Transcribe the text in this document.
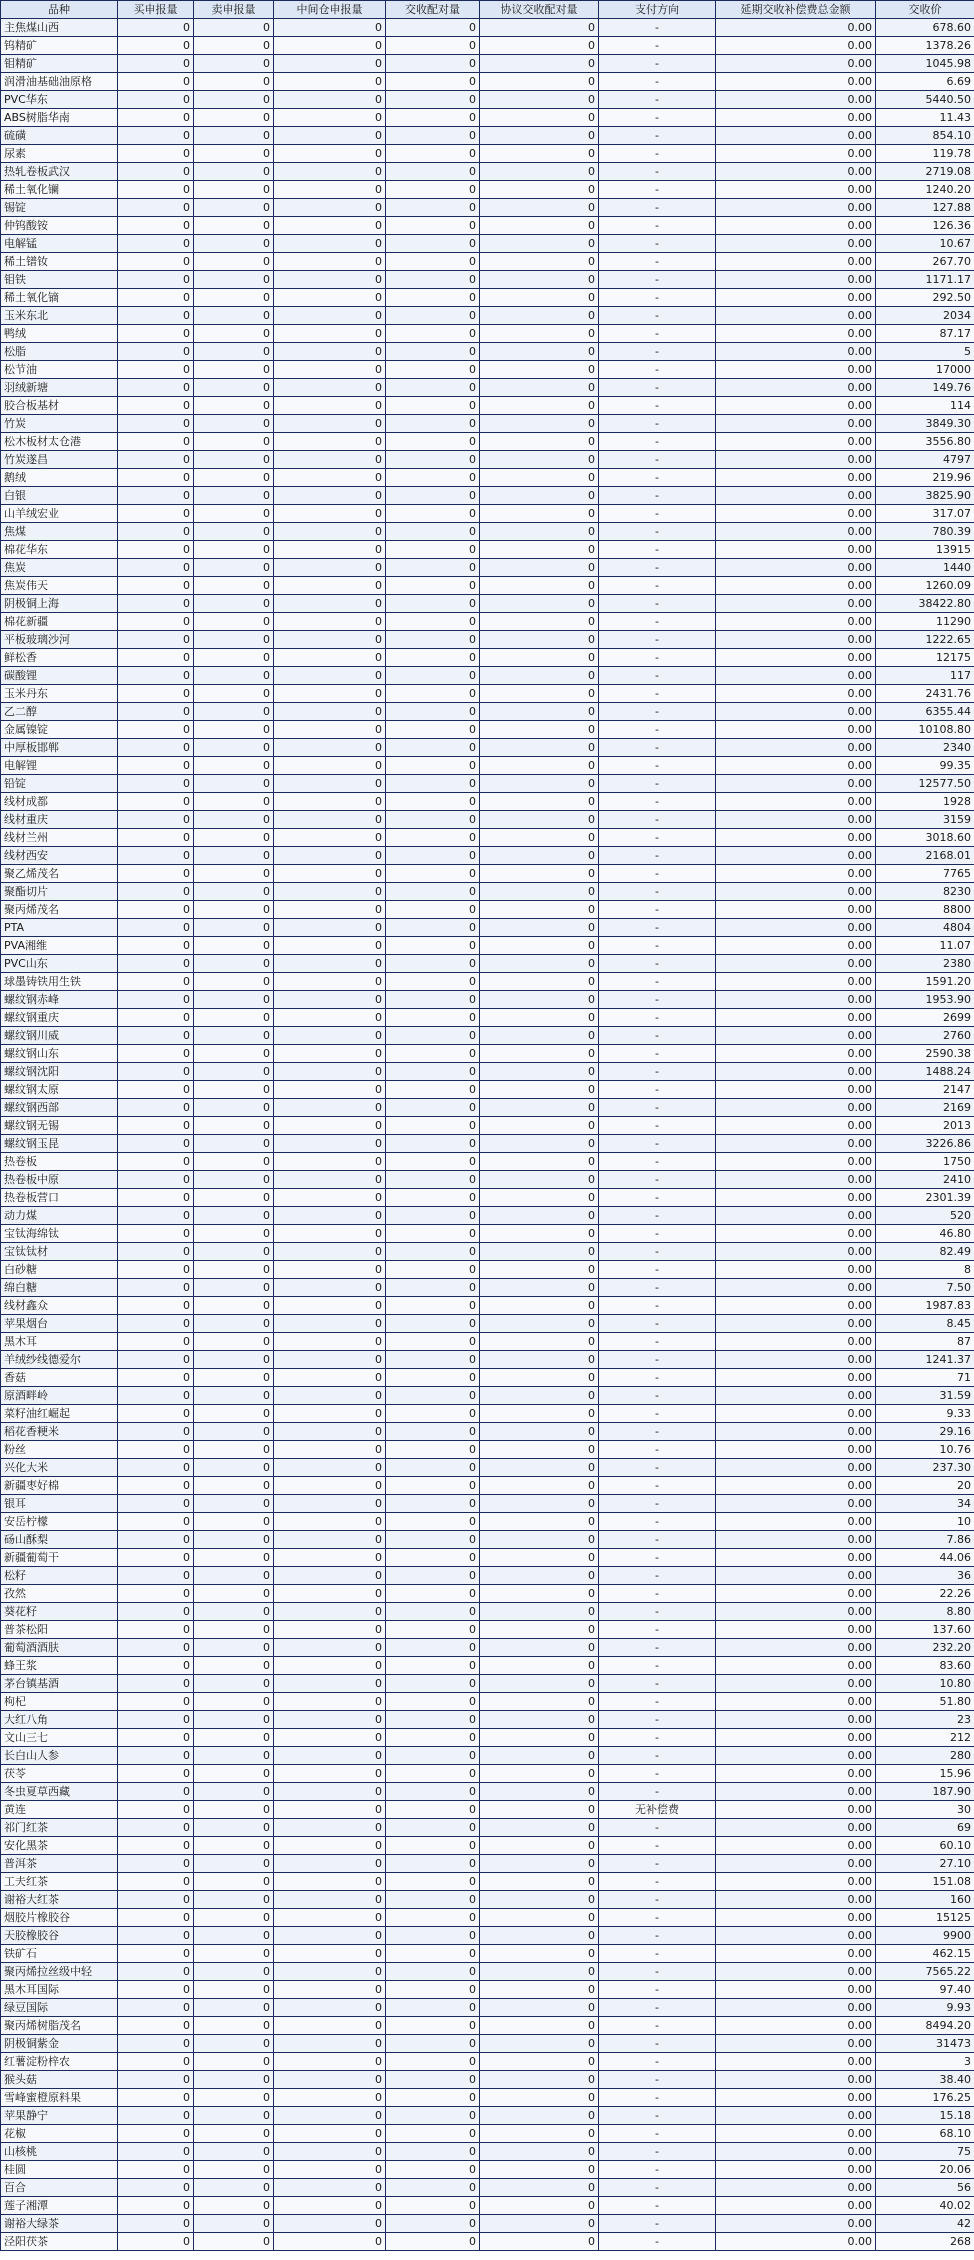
品种	买申报量	卖申报量	中间仓申报量	交收配对量	协议交收配对量	支付方向	延期交收补偿费总金额	交收价
主焦煤山西	0	0	0	0	0	-	0.00	678.60
钨精矿	0	0	0	0	0	-	0.00	1378.26
钼精矿	0	0	0	0	0	-	0.00	1045.98
润滑油基础油原格	0	0	0	0	0	-	0.00	6.69
PVC华东	0	0	0	0	0	-	0.00	5440.50
ABS树脂华南	0	0	0	0	0	-	0.00	11.43
硫磺	0	0	0	0	0	-	0.00	854.10
尿素	0	0	0	0	0	-	0.00	119.78
热轧卷板武汉	0	0	0	0	0	-	0.00	2719.08
稀土氧化镧	0	0	0	0	0	-	0.00	1240.20
锡锭	0	0	0	0	0	-	0.00	127.88
仲钨酸铵	0	0	0	0	0	-	0.00	126.36
电解锰	0	0	0	0	0	-	0.00	10.67
稀土镨钕	0	0	0	0	0	-	0.00	267.70
钼铁	0	0	0	0	0	-	0.00	1171.17
稀土氧化镝	0	0	0	0	0	-	0.00	292.50
玉米东北	0	0	0	0	0	-	0.00	2034
鸭绒	0	0	0	0	0	-	0.00	87.17
松脂	0	0	0	0	0	-	0.00	5
松节油	0	0	0	0	0	-	0.00	17000
羽绒新塘	0	0	0	0	0	-	0.00	149.76
胶合板基材	0	0	0	0	0	-	0.00	114
竹炭	0	0	0	0	0	-	0.00	3849.30
松木板材太仓港	0	0	0	0	0	-	0.00	3556.80
竹炭遂昌	0	0	0	0	0	-	0.00	4797
鹅绒	0	0	0	0	0	-	0.00	219.96
白银	0	0	0	0	0	-	0.00	3825.90
山羊绒宏业	0	0	0	0	0	-	0.00	317.07
焦煤	0	0	0	0	0	-	0.00	780.39
棉花华东	0	0	0	0	0	-	0.00	13915
焦炭	0	0	0	0	0	-	0.00	1440
焦炭伟天	0	0	0	0	0	-	0.00	1260.09
阴极铜上海	0	0	0	0	0	-	0.00	38422.80
棉花新疆	0	0	0	0	0	-	0.00	11290
平板玻璃沙河	0	0	0	0	0	-	0.00	1222.65
鲜松香	0	0	0	0	0	-	0.00	12175
碳酸锂	0	0	0	0	0	-	0.00	117
玉米丹东	0	0	0	0	0	-	0.00	2431.76
乙二醇	0	0	0	0	0	-	0.00	6355.44
金属镍锭	0	0	0	0	0	-	0.00	10108.80
中厚板邯郸	0	0	0	0	0	-	0.00	2340
电解锂	0	0	0	0	0	-	0.00	99.35
铅锭	0	0	0	0	0	-	0.00	12577.50
线材成都	0	0	0	0	0	-	0.00	1928
线材重庆	0	0	0	0	0	-	0.00	3159
线材兰州	0	0	0	0	0	-	0.00	3018.60
线材西安	0	0	0	0	0	-	0.00	2168.01
聚乙烯茂名	0	0	0	0	0	-	0.00	7765
聚酯切片	0	0	0	0	0	-	0.00	8230
聚丙烯茂名	0	0	0	0	0	-	0.00	8800
PTA	0	0	0	0	0	-	0.00	4804
PVA湘维	0	0	0	0	0	-	0.00	11.07
PVC山东	0	0	0	0	0	-	0.00	2380
球墨铸铁用生铁	0	0	0	0	0	-	0.00	1591.20
螺纹钢赤峰	0	0	0	0	0	-	0.00	1953.90
螺纹钢重庆	0	0	0	0	0	-	0.00	2699
螺纹钢川威	0	0	0	0	0	-	0.00	2760
螺纹钢山东	0	0	0	0	0	-	0.00	2590.38
螺纹钢沈阳	0	0	0	0	0	-	0.00	1488.24
螺纹钢太原	0	0	0	0	0	-	0.00	2147
螺纹钢西部	0	0	0	0	0	-	0.00	2169
螺纹钢无锡	0	0	0	0	0	-	0.00	2013
螺纹钢玉昆	0	0	0	0	0	-	0.00	3226.86
热卷板	0	0	0	0	0	-	0.00	1750
热卷板中原	0	0	0	0	0	-	0.00	2410
热卷板营口	0	0	0	0	0	-	0.00	2301.39
动力煤	0	0	0	0	0	-	0.00	520
宝钛海绵钛	0	0	0	0	0	-	0.00	46.80
宝钛钛材	0	0	0	0	0	-	0.00	82.49
白砂糖	0	0	0	0	0	-	0.00	8
绵白糖	0	0	0	0	0	-	0.00	7.50
线材鑫众	0	0	0	0	0	-	0.00	1987.83
苹果烟台	0	0	0	0	0	-	0.00	8.45
黑木耳	0	0	0	0	0	-	0.00	87
羊绒纱线德爱尔	0	0	0	0	0	-	0.00	1241.37
香菇	0	0	0	0	0	-	0.00	71
原酒畔岭	0	0	0	0	0	-	0.00	31.59
菜籽油红崛起	0	0	0	0	0	-	0.00	9.33
稻花香粳米	0	0	0	0	0	-	0.00	29.16
粉丝	0	0	0	0	0	-	0.00	10.76
兴化大米	0	0	0	0	0	-	0.00	237.30
新疆枣好棉	0	0	0	0	0	-	0.00	20
银耳	0	0	0	0	0	-	0.00	34
安岳柠檬	0	0	0	0	0	-	0.00	10
砀山酥梨	0	0	0	0	0	-	0.00	7.86
新疆葡萄干	0	0	0	0	0	-	0.00	44.06
松籽	0	0	0	0	0	-	0.00	36
孜然	0	0	0	0	0	-	0.00	22.26
葵花籽	0	0	0	0	0	-	0.00	8.80
普茶松阳	0	0	0	0	0	-	0.00	137.60
葡萄酒酒肤	0	0	0	0	0	-	0.00	232.20
蜂王浆	0	0	0	0	0	-	0.00	83.60
茅台镇基酒	0	0	0	0	0	-	0.00	10.80
枸杞	0	0	0	0	0	-	0.00	51.80
大红八角	0	0	0	0	0	-	0.00	23
文山三七	0	0	0	0	0	-	0.00	212
长白山人参	0	0	0	0	0	-	0.00	280
茯苓	0	0	0	0	0	-	0.00	15.96
冬虫夏草西藏	0	0	0	0	0	-	0.00	187.90
黄连	0	0	0	0	0	无补偿费	0.00	30
祁门红茶	0	0	0	0	0	-	0.00	69
安化黑茶	0	0	0	0	0	-	0.00	60.10
普洱茶	0	0	0	0	0	-	0.00	27.10
工夫红茶	0	0	0	0	0	-	0.00	151.08
谢裕大红茶	0	0	0	0	0	-	0.00	160
烟胶片橡胶谷	0	0	0	0	0	-	0.00	15125
天胶橡胶谷	0	0	0	0	0	-	0.00	9900
铁矿石	0	0	0	0	0	-	0.00	462.15
聚丙烯拉丝级中轻	0	0	0	0	0	-	0.00	7565.22
黑木耳国际	0	0	0	0	0	-	0.00	97.40
绿豆国际	0	0	0	0	0	-	0.00	9.93
聚丙烯树脂茂名	0	0	0	0	0	-	0.00	8494.20
阴极铜紫金	0	0	0	0	0	-	0.00	31473
红薯淀粉梓农	0	0	0	0	0	-	0.00	3
猴头菇	0	0	0	0	0	-	0.00	38.40
雪峰蜜橙原料果	0	0	0	0	0	-	0.00	176.25
苹果静宁	0	0	0	0	0	-	0.00	15.18
花椒	0	0	0	0	0	-	0.00	68.10
山核桃	0	0	0	0	0	-	0.00	75
桂圆	0	0	0	0	0	-	0.00	20.06
百合	0	0	0	0	0	-	0.00	56
莲子湘潭	0	0	0	0	0	-	0.00	40.02
谢裕大绿茶	0	0	0	0	0	-	0.00	42
泾阳茯茶	0	0	0	0	0	-	0.00	268
